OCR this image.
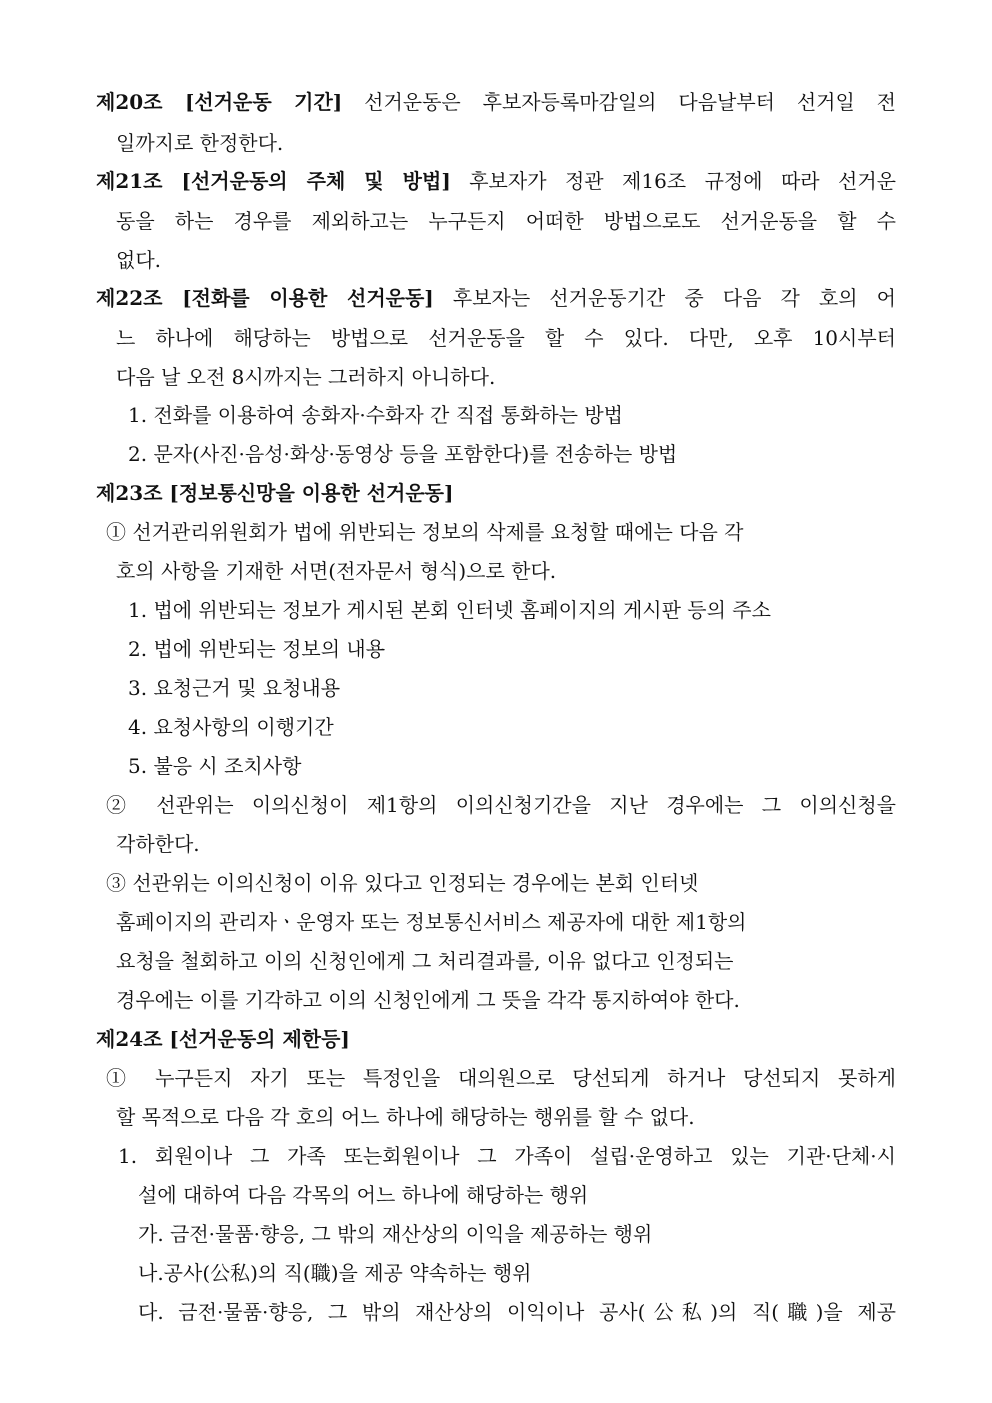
제20조 [선거운동 기간] 선거운동은 후보자등록마감일의 다음날부터 선거일 전
일까지로 한정한다.
제21조 [선거운동의 주체 및 방법] 후보자가 정관 제16조 규정에 따라 선거운
동을 하는 경우를 제외하고는 누구든지 어떠한 방법으로도 선거운동을 할 수
없다.
제22조 [전화를 이용한 선거운동] 후보자는 선거운동기간 중 다음 각 호의 어
느 하나에 해당하는 방법으로 선거운동을 할 수 있다. 다만, 오후 10시부터
다음 날 오전 8시까지는 그러하지 아니하다.
1. 전화를 이용하여 송화자·수화자 간 직접 통화하는 방법
2. 문자(사진·음성·화상·동영상 등을 포함한다)를 전송하는 방법
제23조 [정보통신망을 이용한 선거운동]
① 선거관리위원회가 법에 위반되는 정보의 삭제를 요청할 때에는 다음 각
호의 사항을 기재한 서면(전자문서 형식)으로 한다.
1. 법에 위반되는 정보가 게시된 본회 인터넷 홈페이지의 게시판 등의 주소
2. 법에 위반되는 정보의 내용
3. 요청근거 및 요청내용
4. 요청사항의 이행기간
5. 불응 시 조치사항
② 선관위는 이의신청이 제1항의 이의신청기간을 지난 경우에는 그 이의신청을
각하한다.
③ 선관위는 이의신청이 이유 있다고 인정되는 경우에는 본회 인터넷
홈페이지의 관리자ㆍ운영자 또는 정보통신서비스 제공자에 대한 제1항의
요청을 철회하고 이의 신청인에게 그 처리결과를, 이유 없다고 인정되는
경우에는 이를 기각하고 이의 신청인에게 그 뜻을 각각 통지하여야 한다.
제24조 [선거운동의 제한등]
① 누구든지 자기 또는 특정인을 대의원으로 당선되게 하거나 당선되지 못하게
할 목적으로 다음 각 호의 어느 하나에 해당하는 행위를 할 수 없다.
1. 회원이나 그 가족 또는회원이나 그 가족이 설립·운영하고 있는 기관·단체·시
설에 대하여 다음 각목의 어느 하나에 해당하는 행위
가. 금전·물품·향응, 그 밖의 재산상의 이익을 제공하는 행위
나.공사(公私)의 직(職)을 제공 약속하는 행위
다. 금전·물품·향응, 그 밖의 재산상의 이익이나 공사(公私)의 직(職)을 제공
